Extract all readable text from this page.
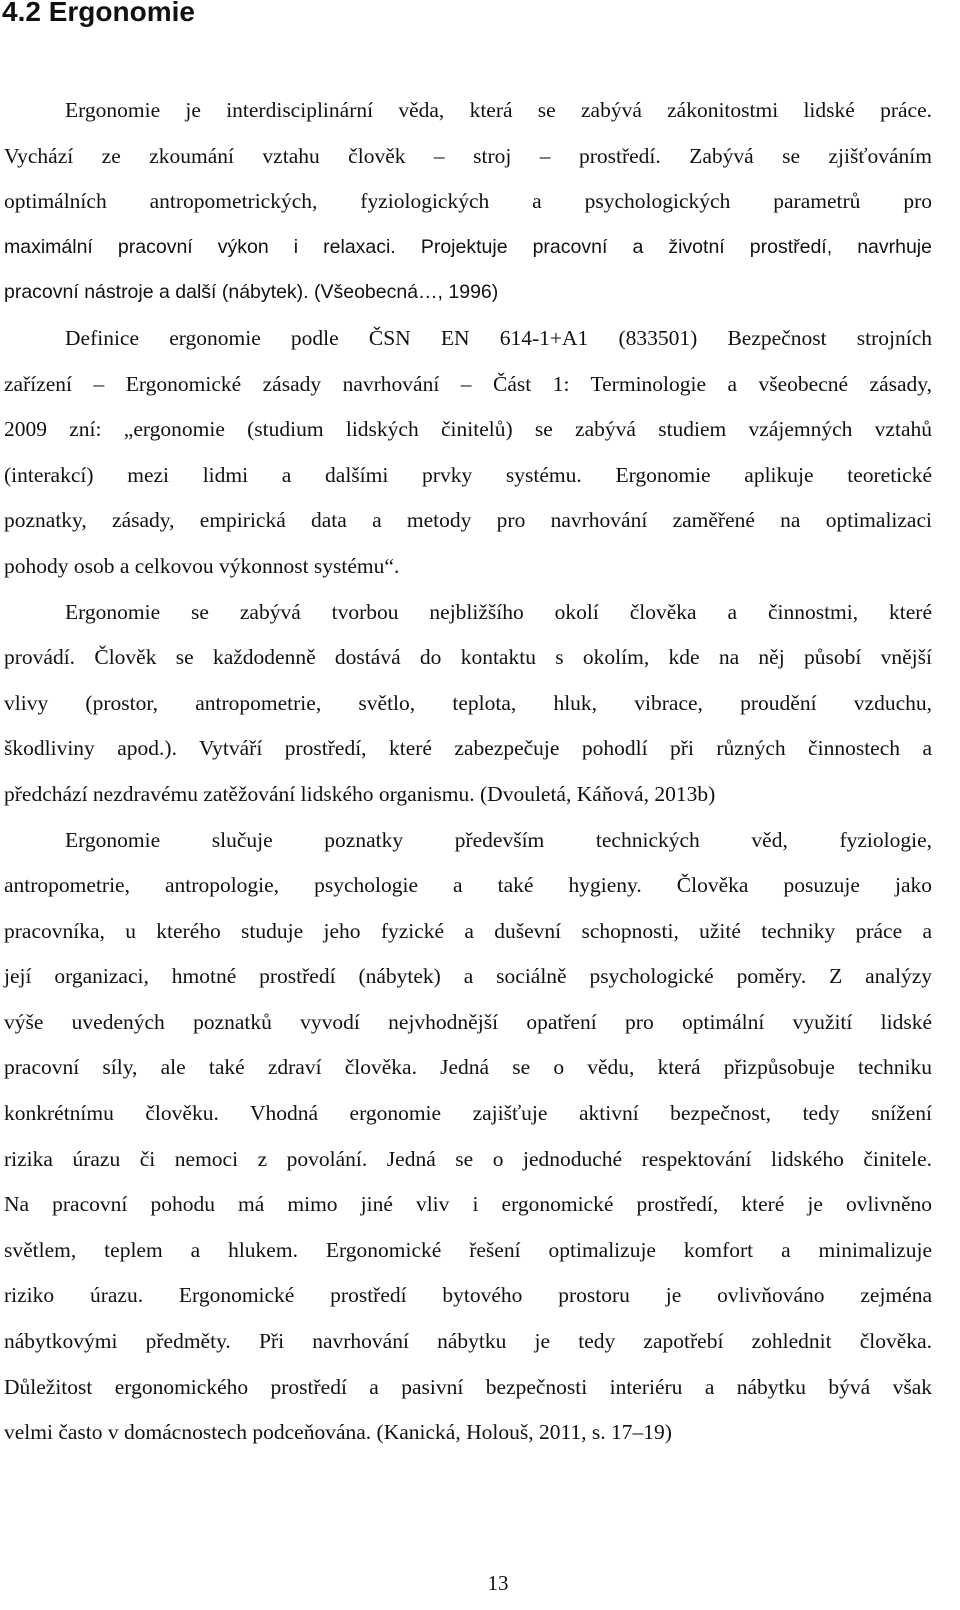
4.2 Ergonomie
Ergonomie je interdisciplinární věda, která se zabývá zákonitostmi lidské práce.
Vychází ze zkoumání vztahu člověk – stroj – prostředí. Zabývá se zjišťováním
optimálních antropometrických, fyziologických a psychologických parametrů pro
maximální pracovní výkon i relaxaci. Projektuje pracovní a životní prostředí, navrhuje
pracovní nástroje a další (nábytek). (Všeobecná…, 1996)
Definice ergonomie podle ČSN EN 614-1+A1 (833501) Bezpečnost strojních
zařízení – Ergonomické zásady navrhování – Část 1: Terminologie a všeobecné zásady,
2009 zní: „ergonomie (studium lidských činitelů) se zabývá studiem vzájemných vztahů
(interakcí) mezi lidmi a dalšími prvky systému. Ergonomie aplikuje teoretické
poznatky, zásady, empirická data a metody pro navrhování zaměřené na optimalizaci
pohody osob a celkovou výkonnost systému“.
Ergonomie se zabývá tvorbou nejbližšího okolí člověka a činnostmi, které
provádí. Člověk se každodenně dostává do kontaktu s okolím, kde na něj působí vnější
vlivy (prostor, antropometrie, světlo, teplota, hluk, vibrace, proudění vzduchu,
škodliviny apod.). Vytváří prostředí, které zabezpečuje pohodlí při různých činnostech a
předchází nezdravému zatěžování lidského organismu. (Dvouletá, Káňová, 2013b)
Ergonomie slučuje poznatky především technických věd, fyziologie,
antropometrie, antropologie, psychologie a také hygieny. Člověka posuzuje jako
pracovníka, u kterého studuje jeho fyzické a duševní schopnosti, užité techniky práce a
její organizaci, hmotné prostředí (nábytek) a sociálně psychologické poměry. Z analýzy
výše uvedených poznatků vyvodí nejvhodnější opatření pro optimální využití lidské
pracovní síly, ale také zdraví člověka. Jedná se o vědu, která přizpůsobuje techniku
konkrétnímu člověku. Vhodná ergonomie zajišťuje aktivní bezpečnost, tedy snížení
rizika úrazu či nemoci z povolání. Jedná se o jednoduché respektování lidského činitele.
Na pracovní pohodu má mimo jiné vliv i ergonomické prostředí, které je ovlivněno
světlem, teplem a hlukem. Ergonomické řešení optimalizuje komfort a minimalizuje
riziko úrazu. Ergonomické prostředí bytového prostoru je ovlivňováno zejména
nábytkovými předměty. Při navrhování nábytku je tedy zapotřebí zohlednit člověka.
Důležitost ergonomického prostředí a pasivní bezpečnosti interiéru a nábytku bývá však
velmi často v domácnostech podceňována. (Kanická, Holouš, 2011, s. 17–19)
13
